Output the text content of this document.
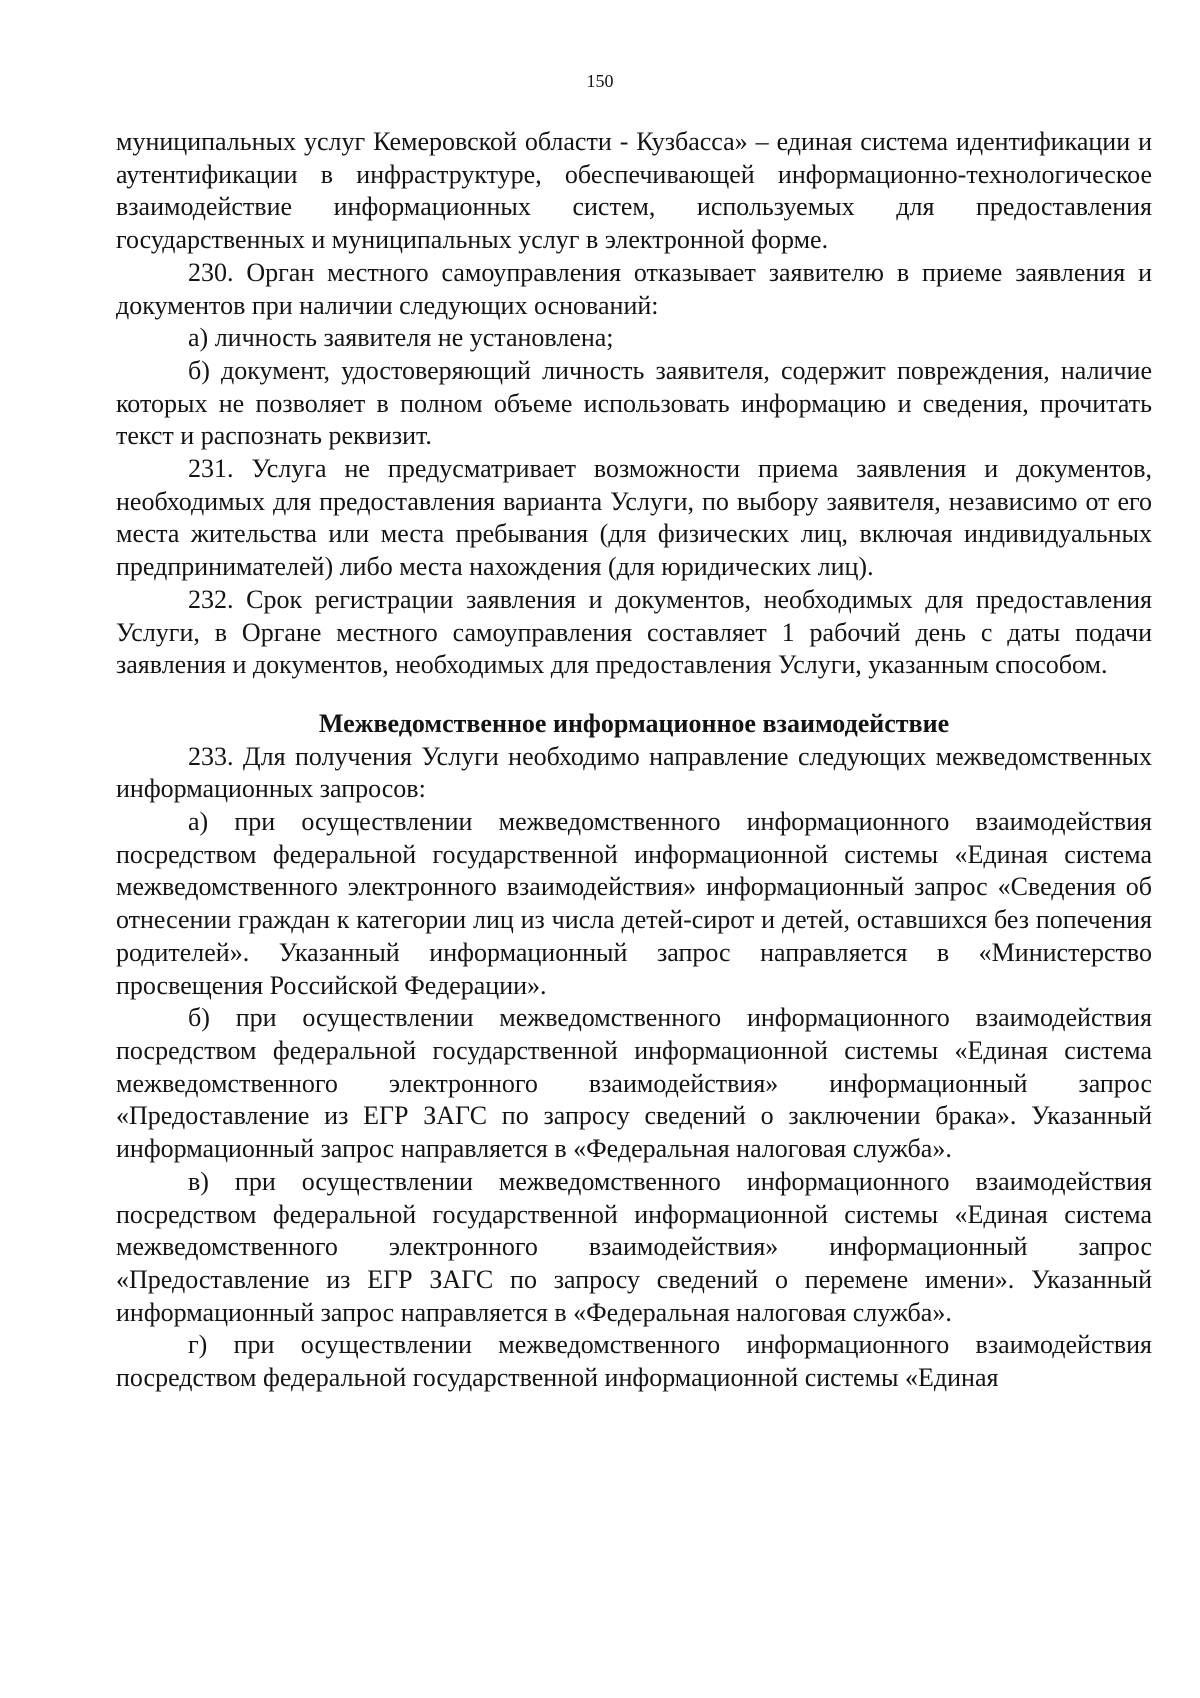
150

муниципальных услуг Кемеровской области - Кузбасса» – единая система идентификации и аутентификации в инфраструктуре, обеспечивающей информационно-технологическое взаимодействие информационных систем, используемых для предоставления государственных и муниципальных услуг в электронной форме.

230. Орган местного самоуправления отказывает заявителю в приеме заявления и документов при наличии следующих оснований:

а) личность заявителя не установлена;

б) документ, удостоверяющий личность заявителя, содержит повреждения, наличие которых не позволяет в полном объеме использовать информацию и сведения, прочитать текст и распознать реквизит.

231. Услуга не предусматривает возможности приема заявления и документов, необходимых для предоставления варианта Услуги, по выбору заявителя, независимо от его места жительства или места пребывания (для физических лиц, включая индивидуальных предпринимателей) либо места нахождения (для юридических лиц).

232. Срок регистрации заявления и документов, необходимых для предоставления Услуги, в Органе местного самоуправления составляет 1 рабочий день с даты подачи заявления и документов, необходимых для предоставления Услуги, указанным способом.

Межведомственное информационное взаимодействие

233. Для получения Услуги необходимо направление следующих межведомственных информационных запросов:

а) при осуществлении межведомственного информационного взаимодействия посредством федеральной государственной информационной системы «Единая система межведомственного электронного взаимодействия» информационный запрос «Сведения об отнесении граждан к категории лиц из числа детей-сирот и детей, оставшихся без попечения родителей». Указанный информационный запрос направляется в «Министерство просвещения Российской Федерации».

б) при осуществлении межведомственного информационного взаимодействия посредством федеральной государственной информационной системы «Единая система межведомственного электронного взаимодействия» информационный запрос «Предоставление из ЕГР ЗАГС по запросу сведений о заключении брака». Указанный информационный запрос направляется в «Федеральная налоговая служба».

в) при осуществлении межведомственного информационного взаимодействия посредством федеральной государственной информационной системы «Единая система межведомственного электронного взаимодействия» информационный запрос «Предоставление из ЕГР ЗАГС по запросу сведений о перемене имени». Указанный информационный запрос направляется в «Федеральная налоговая служба».

г) при осуществлении межведомственного информационного взаимодействия посредством федеральной государственной информационной системы «Единая
